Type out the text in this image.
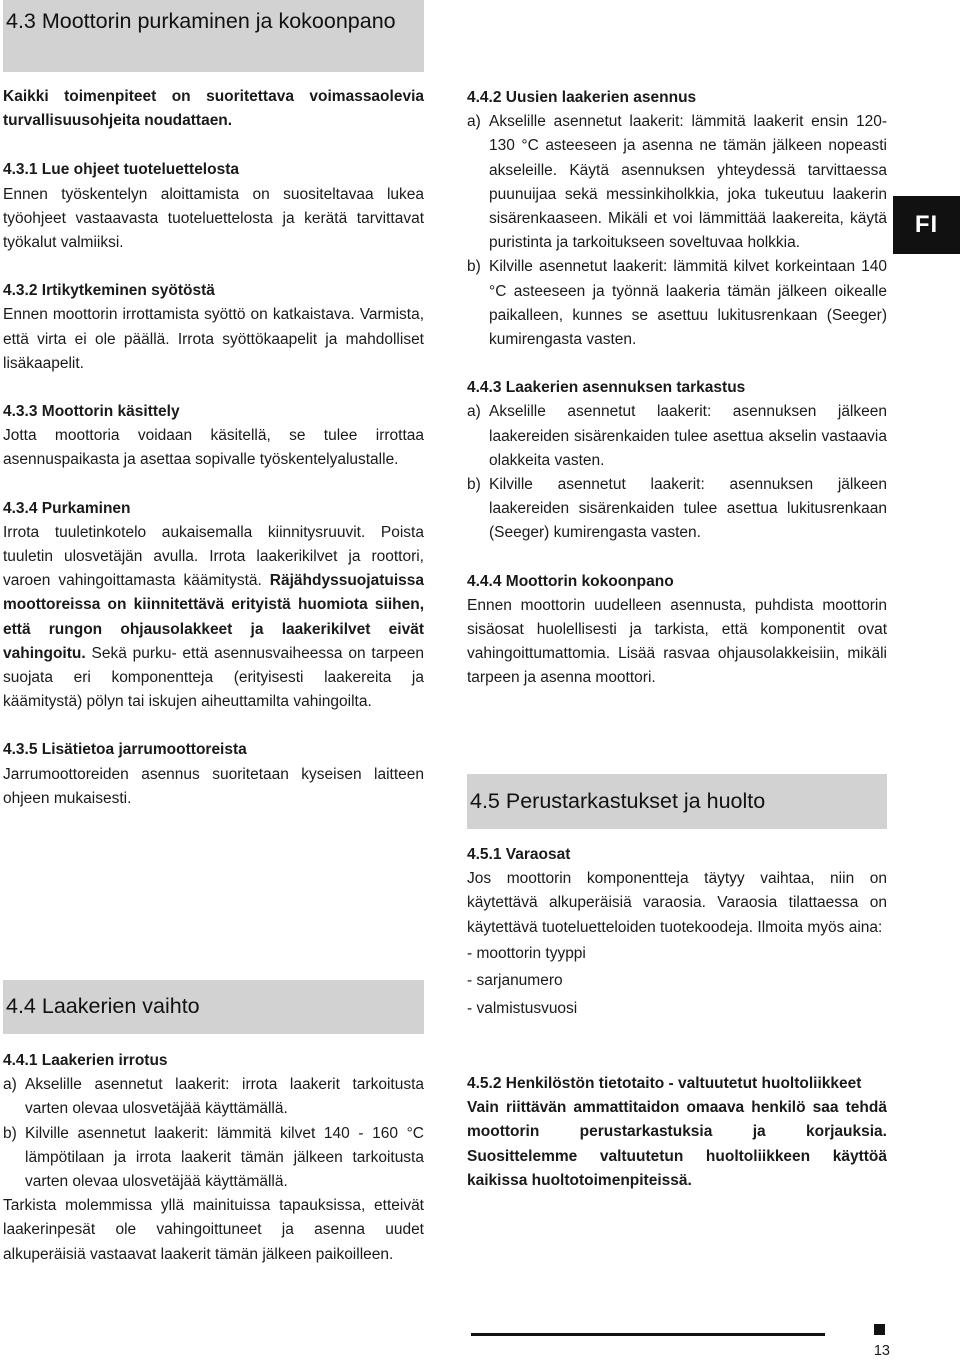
4.3 Moottorin purkaminen ja kokoonpano

Kaikki toimenpiteet on suoritettava voimassaolevia turvallisuusohjeita noudattaen.

4.3.1 Lue ohjeet tuoteluettelosta

Ennen työskentelyn aloittamista on suositeltavaa lukea työohjeet vastaavasta tuoteluettelosta ja kerätä tarvittavat työkalut valmiiksi.

4.3.2 Irtikytkeminen syötöstä

Ennen moottorin irrottamista syöttö on katkaistava. Varmista, että virta ei ole päällä. Irrota syöttökaapelit ja mahdolliset lisäkaapelit.

4.3.3 Moottorin käsittely

Jotta moottoria voidaan käsitellä, se tulee irrottaa asennuspaikasta ja asettaa sopivalle työskentelyalustalle.

4.3.4 Purkaminen

Irrota tuuletinkotelo aukaisemalla kiinnitysruuvit. Poista tuuletin ulosvetäjän avulla. Irrota laakerikilvet ja roottori, varoen vahingoittamasta käämitystä. Räjähdyssuojatuissa moottoreissa on kiinnitettävä erityistä huomiota siihen, että rungon ohjausolakkeet ja laakerikilvet eivät vahingoitu. Sekä purku- että asennusvaiheessa on tarpeen suojata eri komponentteja (erityisesti laakereita ja käämitystä) pölyn tai iskujen aiheuttamilta vahingoilta.

4.3.5 Lisätietoa jarrumoottoreista

Jarrumoottoreiden asennus suoritetaan kyseisen laitteen ohjeen mukaisesti.

4.4 Laakerien vaihto

4.4.1 Laakerien irrotus

a) Akselille asennetut laakerit: irrota laakerit tarkoitusta varten olevaa ulosvetäjää käyttämällä.

b) Kilville asennetut laakerit: lämmitä kilvet 140 - 160 °C lämpötilaan ja irrota laakerit tämän jälkeen tarkoitusta varten olevaa ulosvetäjää käyttämällä.

Tarkista molemmissa yllä mainituissa tapauksissa, etteivät laakerinpesät ole vahingoittuneet ja asenna uudet alkuperäisiä vastaavat laakerit tämän jälkeen paikoilleen.

4.4.2 Uusien laakerien asennus

a) Akselille asennetut laakerit: lämmitä laakerit ensin 120-130 °C asteeseen ja asenna ne tämän jälkeen nopeasti akseleille. Käytä asennuksen yhteydessä tarvittaessa puunuijaa sekä messinkiholkkia, joka tukeutuu laakerin sisärenkaaseen. Mikäli et voi lämmittää laakereita, käytä puristinta ja tarkoitukseen soveltuvaa holkkia.

b) Kilville asennetut laakerit: lämmitä kilvet korkeintaan 140 °C asteeseen ja työnnä laakeria tämän jälkeen oikealle paikalleen, kunnes se asettuu lukitusrenkaan (Seeger) kumirengasta vasten.

4.4.3 Laakerien asennuksen tarkastus

a) Akselille asennetut laakerit: asennuksen jälkeen laakereiden sisärenkaiden tulee asettua akselin vastaavia olakkeita vasten.

b) Kilville asennetut laakerit: asennuksen jälkeen laakereiden sisärenkaiden tulee asettua lukitusrenkaan (Seeger) kumirengasta vasten.

4.4.4 Moottorin kokoonpano

Ennen moottorin uudelleen asennusta, puhdista moottorin sisäosat huolellisesti ja tarkista, että komponentit ovat vahingoittumattomia. Lisää rasvaa ohjausolakkeisiin, mikäli tarpeen ja asenna moottori.

4.5 Perustarkastukset ja huolto

4.5.1 Varaosat

Jos moottorin komponentteja täytyy vaihtaa, niin on käytettävä alkuperäisiä varaosia. Varaosia tilattaessa on käytettävä tuoteluetteloiden tuotekoodeja. Ilmoita myös aina:

- moottorin tyyppi

- sarjanumero

- valmistusvuosi

4.5.2 Henkilöstön tietotaito - valtuutetut huoltoliikkeet

Vain riittävän ammattitaidon omaava henkilö saa tehdä moottorin perustarkastuksia ja korjauksia. Suosittelemme valtuutetun huoltoliikkeen käyttöä kaikissa huoltotoimenpiteissä.

FI
13
